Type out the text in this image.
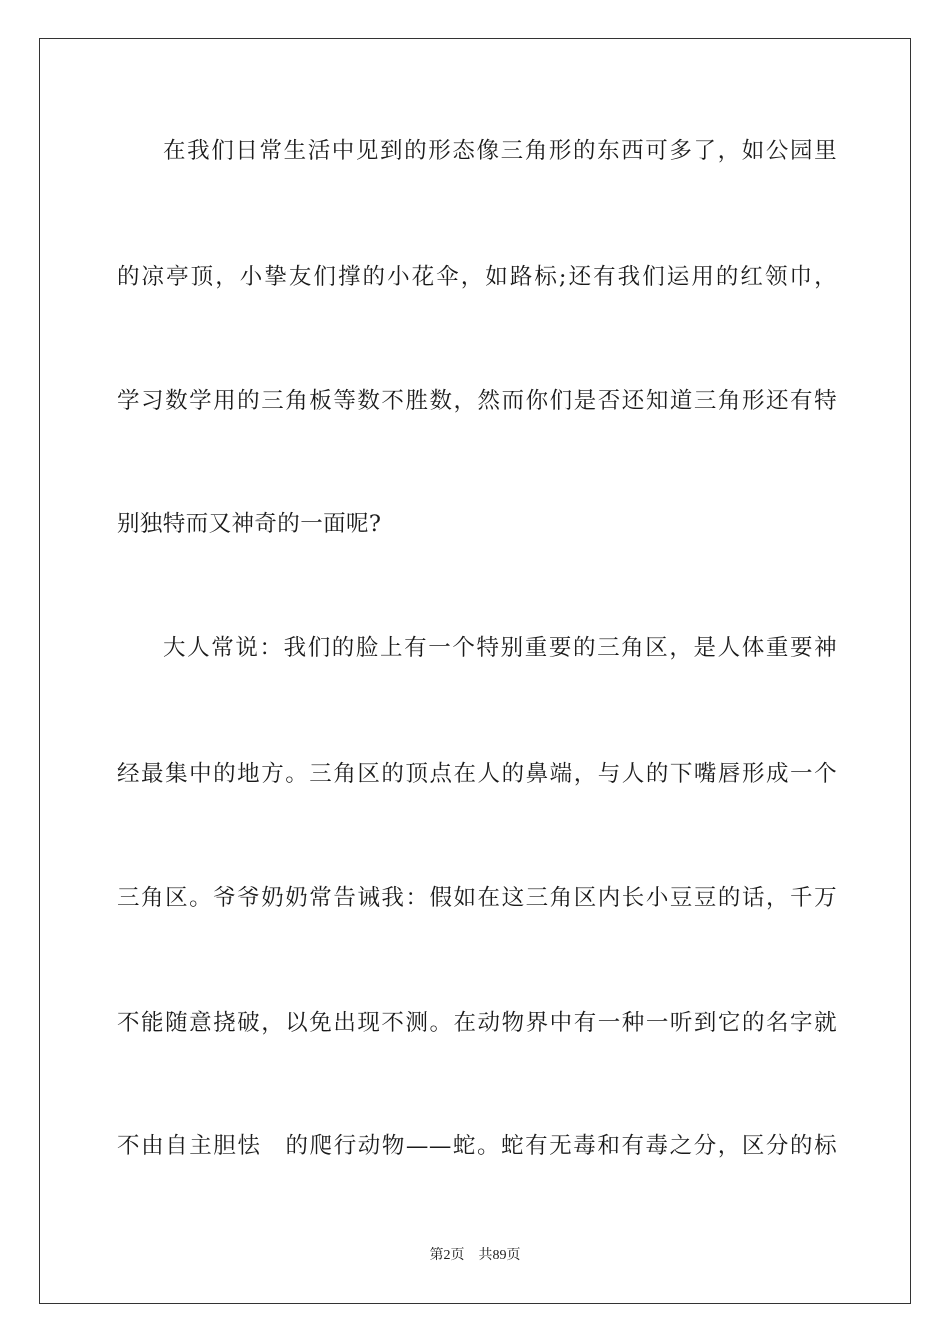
在我们日常生活中见到的形态像三角形的东西可多了，如公园里
的凉亭顶，小挚友们撑的小花伞，如路标;还有我们运用的红领巾，
学习数学用的三角板等数不胜数，然而你们是否还知道三角形还有特
别独特而又神奇的一面呢?
大人常说：我们的脸上有一个特别重要的三角区，是人体重要神
经最集中的地方。三角区的顶点在人的鼻端，与人的下嘴唇形成一个
三角区。爷爷奶奶常告诫我：假如在这三角区内长小豆豆的话，千万
不能随意挠破，以免出现不测。在动物界中有一种一听到它的名字就
不由自主胆怯　的爬行动物——蛇。蛇有无毒和有毒之分，区分的标
第2页 共89页
